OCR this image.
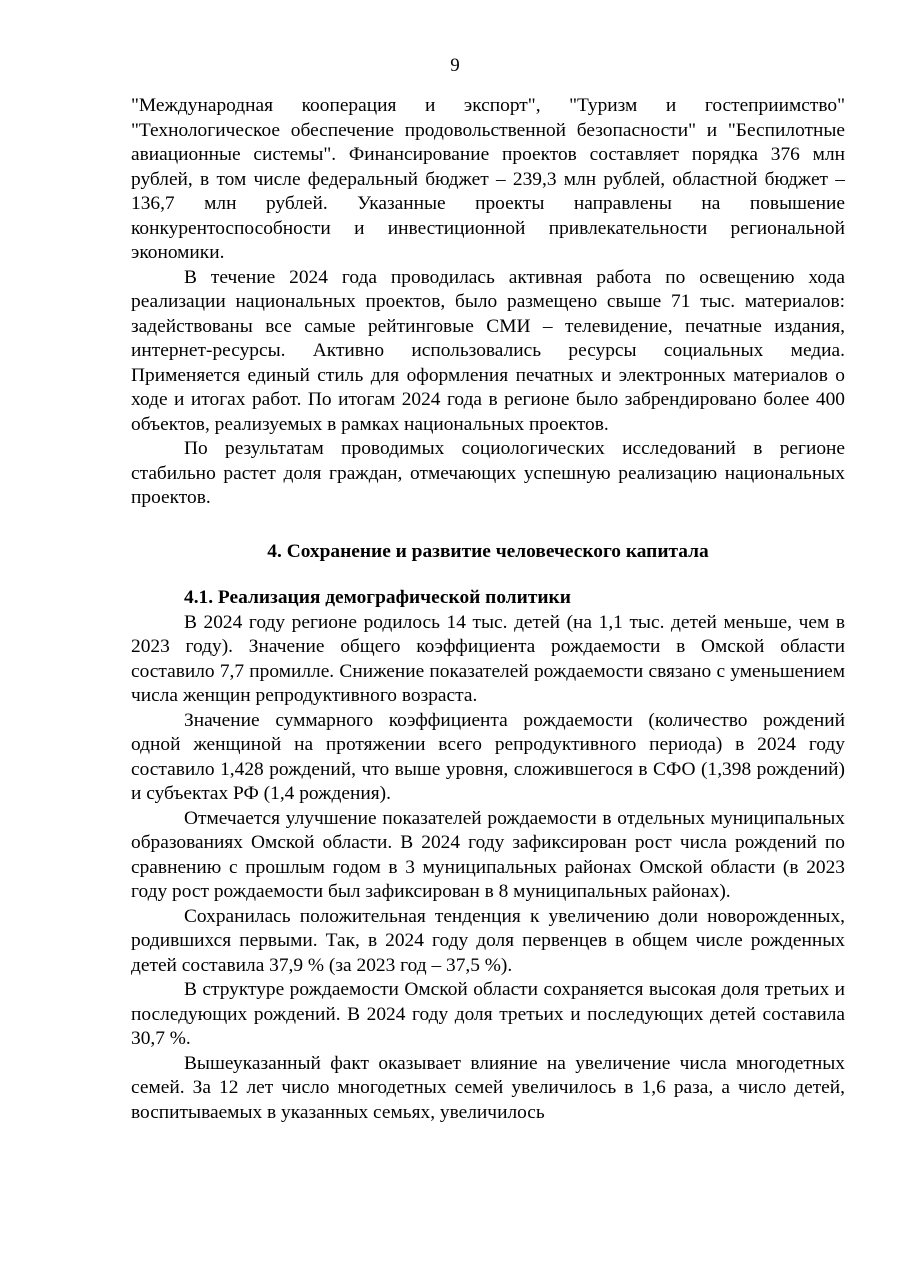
9

"Международная кооперация и экспорт", "Туризм и гостеприимство" "Технологическое обеспечение продовольственной безопасности" и "Беспилотные авиационные системы". Финансирование проектов составляет порядка 376 млн рублей, в том числе федеральный бюджет – 239,3 млн рублей, областной бюджет – 136,7 млн рублей. Указанные проекты направлены на повышение конкурентоспособности и инвестиционной привлекательности региональной экономики.

В течение 2024 года проводилась активная работа по освещению хода реализации национальных проектов, было размещено свыше 71 тыс. материалов: задействованы все самые рейтинговые СМИ – телевидение, печатные издания, интернет-ресурсы. Активно использовались ресурсы социальных медиа. Применяется единый стиль для оформления печатных и электронных материалов о ходе и итогах работ. По итогам 2024 года в регионе было забрендировано более 400 объектов, реализуемых в рамках национальных проектов.

По результатам проводимых социологических исследований в регионе стабильно растет доля граждан, отмечающих успешную реализацию национальных проектов.

4. Сохранение и развитие человеческого капитала
4.1. Реализация демографической политики

В 2024 году регионе родилось 14 тыс. детей (на 1,1 тыс. детей меньше, чем в 2023 году). Значение общего коэффициента рождаемости в Омской области составило 7,7 промилле. Снижение показателей рождаемости связано с уменьшением числа женщин репродуктивного возраста.

Значение суммарного коэффициента рождаемости (количество рождений одной женщиной на протяжении всего репродуктивного периода) в 2024 году составило 1,428 рождений, что выше уровня, сложившегося в СФО (1,398 рождений) и субъектах РФ (1,4 рождения).

Отмечается улучшение показателей рождаемости в отдельных муниципальных образованиях Омской области. В 2024 году зафиксирован рост числа рождений по сравнению с прошлым годом в 3 муниципальных районах Омской области (в 2023 году рост рождаемости был зафиксирован в 8 муниципальных районах).

Сохранилась положительная тенденция к увеличению доли новорожденных, родившихся первыми. Так, в 2024 году доля первенцев в общем числе рожденных детей составила 37,9 % (за 2023 год – 37,5 %).

В структуре рождаемости Омской области сохраняется высокая доля третьих и последующих рождений. В 2024 году доля третьих и последующих детей составила 30,7 %.

Вышеуказанный факт оказывает влияние на увеличение числа многодетных семей. За 12 лет число многодетных семей увеличилось в 1,6 раза, а число детей, воспитываемых в указанных семьях, увеличилось
